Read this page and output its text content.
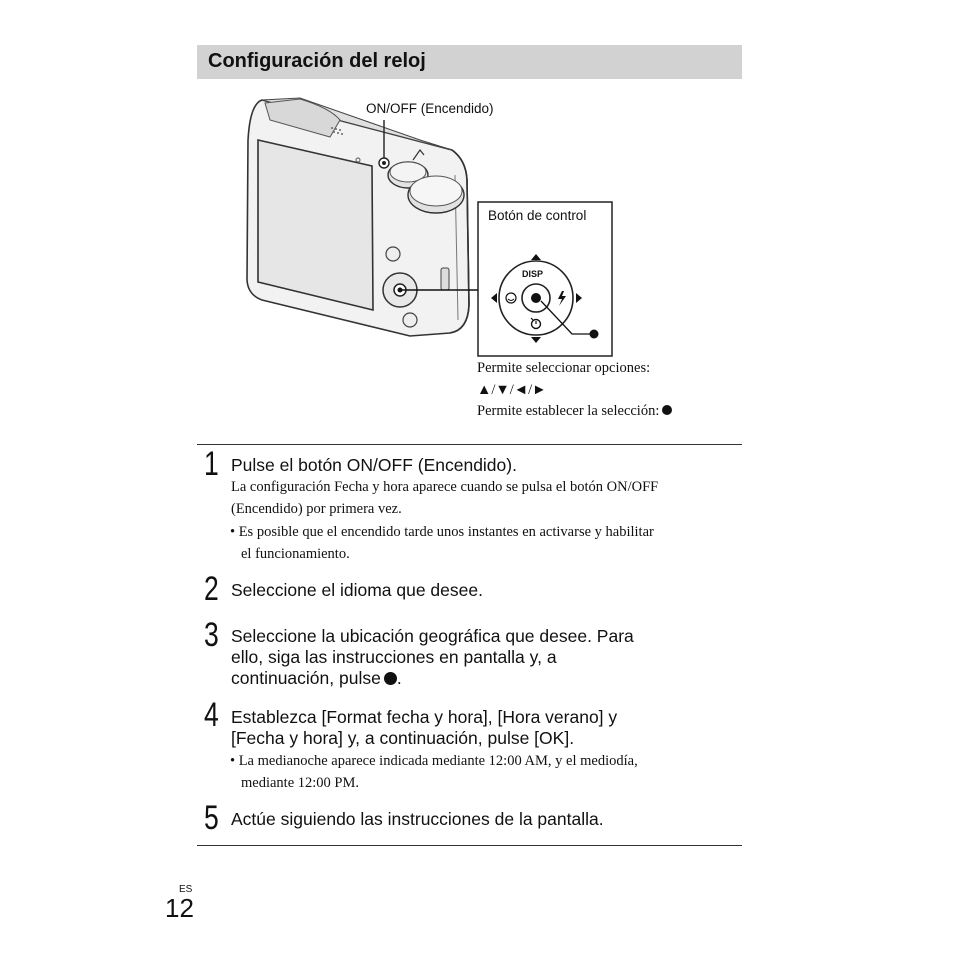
Configuración del reloj
DISP
ON/OFF (Encendido)
Botón de control
Permite seleccionar opciones:
▲/▼/◄/►
Permite establecer la selección:
1 Pulse el botón ON/OFF (Encendido).
La configuración Fecha y hora aparece cuando se pulsa el botón ON/OFF
(Encendido) por primera vez.
• Es posible que el encendido tarde unos instantes en activarse y habilitar
el funcionamiento.
2 Seleccione el idioma que desee.
3 Seleccione la ubicación geográfica que desee. Para
ello, siga las instrucciones en pantalla y, a
continuación, pulse .
4 Establezca [Format fecha y hora], [Hora verano] y
[Fecha y hora] y, a continuación, pulse [OK].
• La medianoche aparece indicada mediante 12:00 AM, y el mediodía,
mediante 12:00 PM.
5 Actúe siguiendo las instrucciones de la pantalla.
ES
12
